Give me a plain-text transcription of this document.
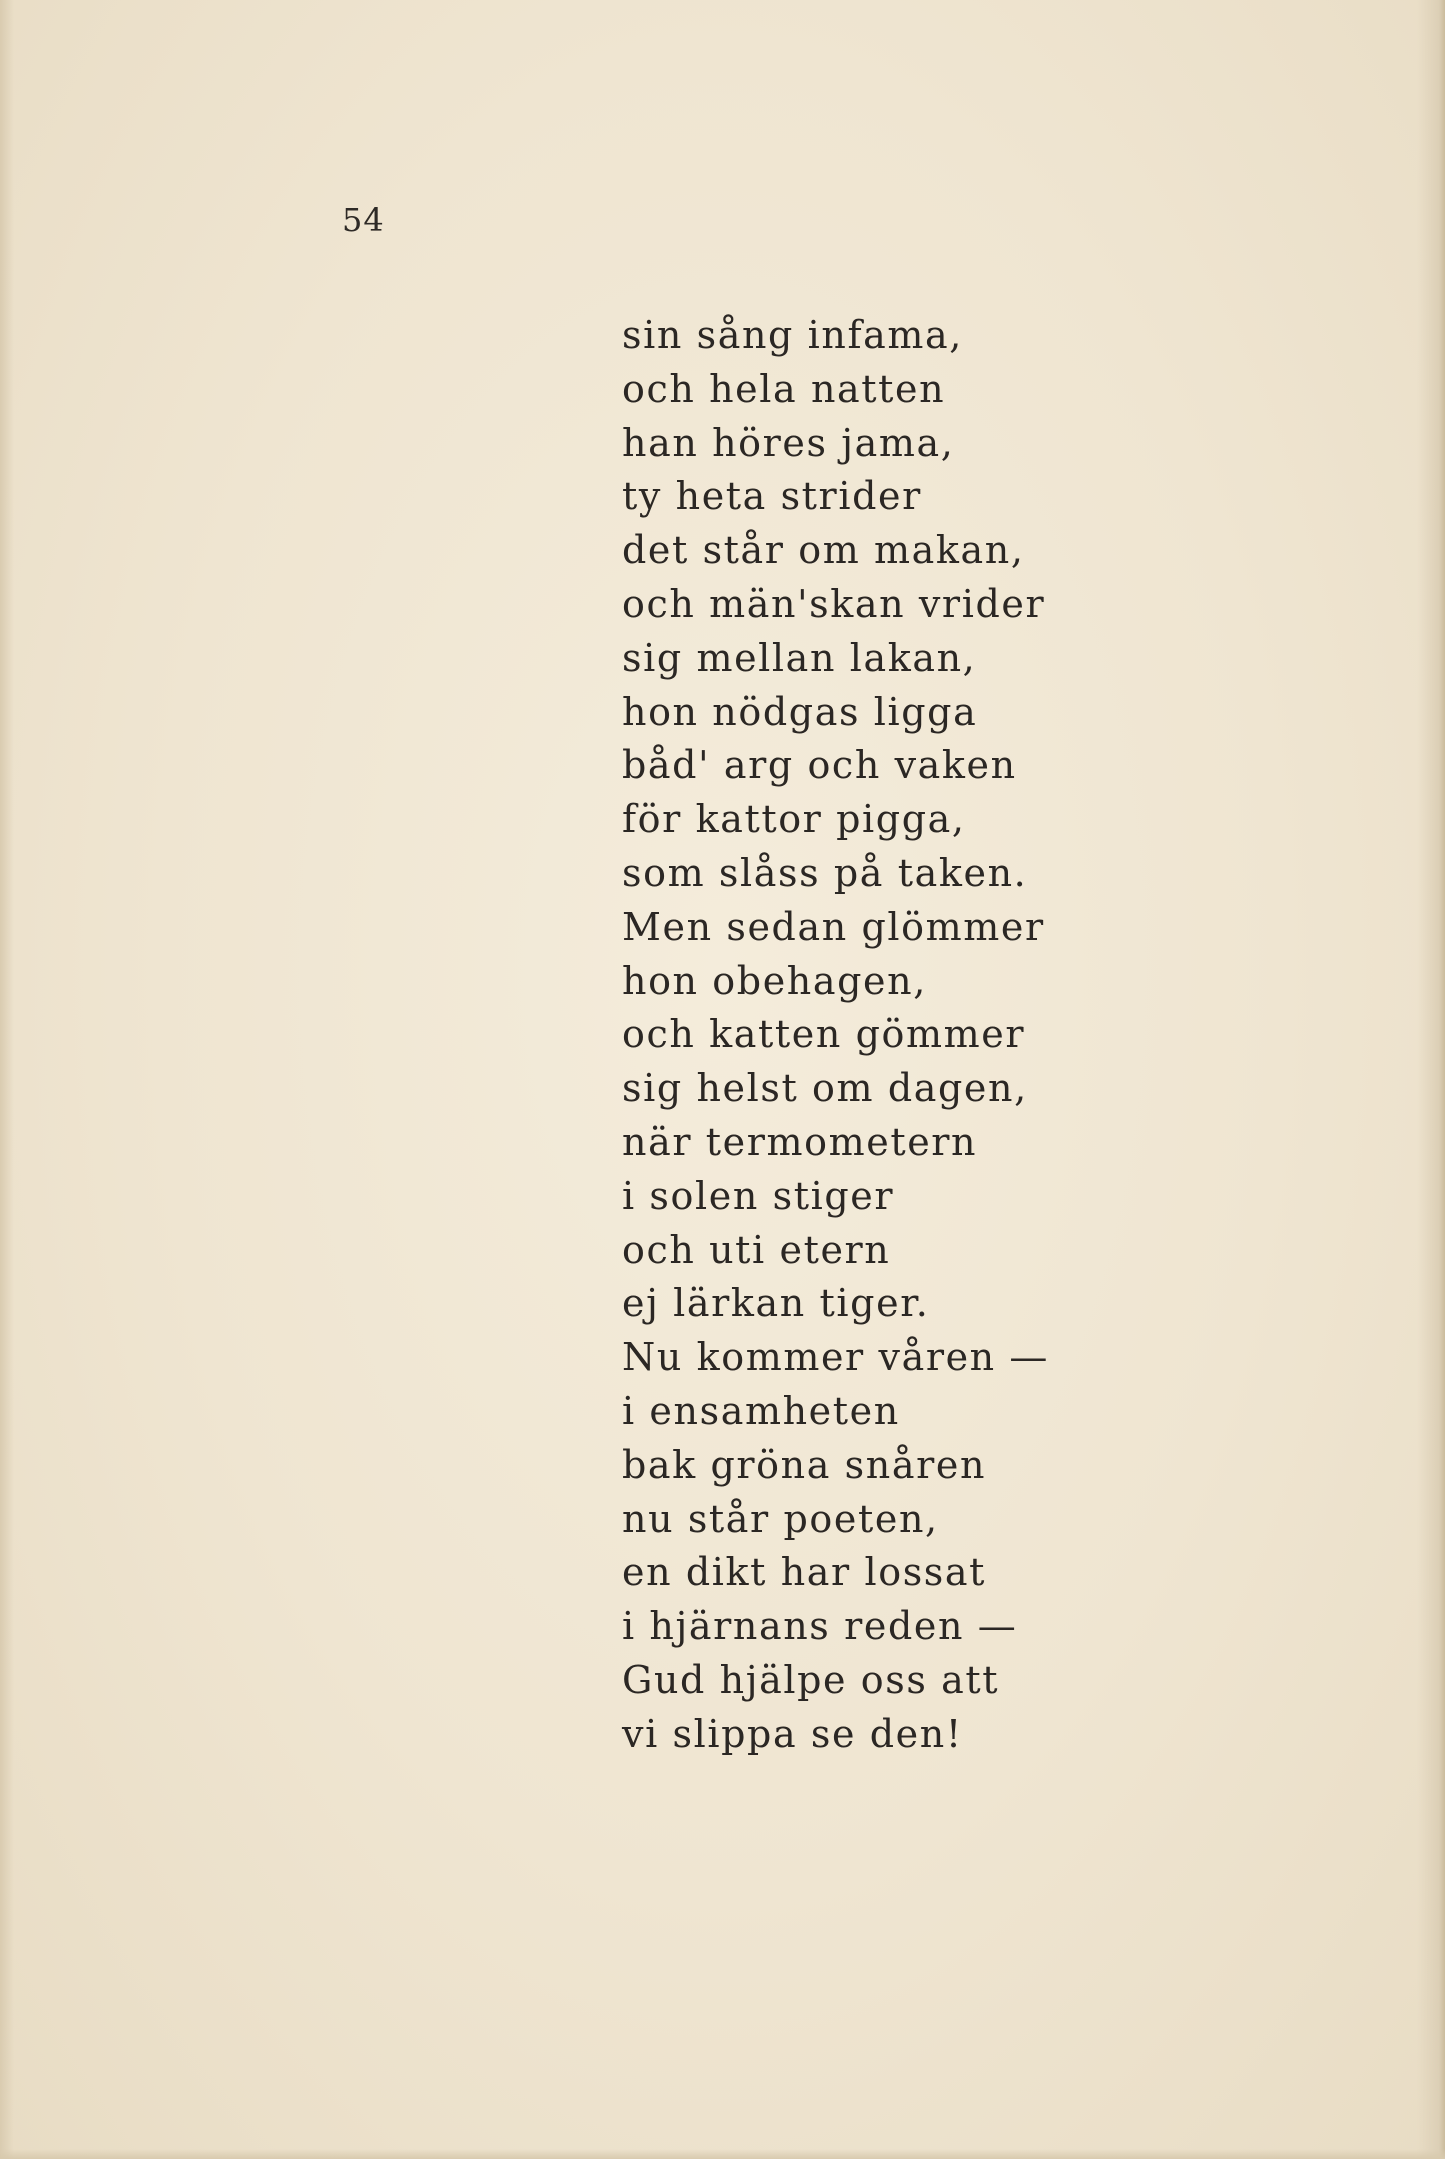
54
sin sång infama,
och hela natten
han höres jama,
ty heta strider
det står om makan,
och män'skan vrider
sig mellan lakan,
hon nödgas ligga
båd' arg och vaken
för kattor pigga,
som slåss på taken.
Men sedan glömmer
hon obehagen,
och katten gömmer
sig helst om dagen,
när termometern
i solen stiger
och uti etern
ej lärkan tiger.
Nu kommer våren —
i ensamheten
bak gröna snåren
nu står poeten,
en dikt har lossat
i hjärnans reden —
Gud hjälpe oss att
vi slippa se den!
